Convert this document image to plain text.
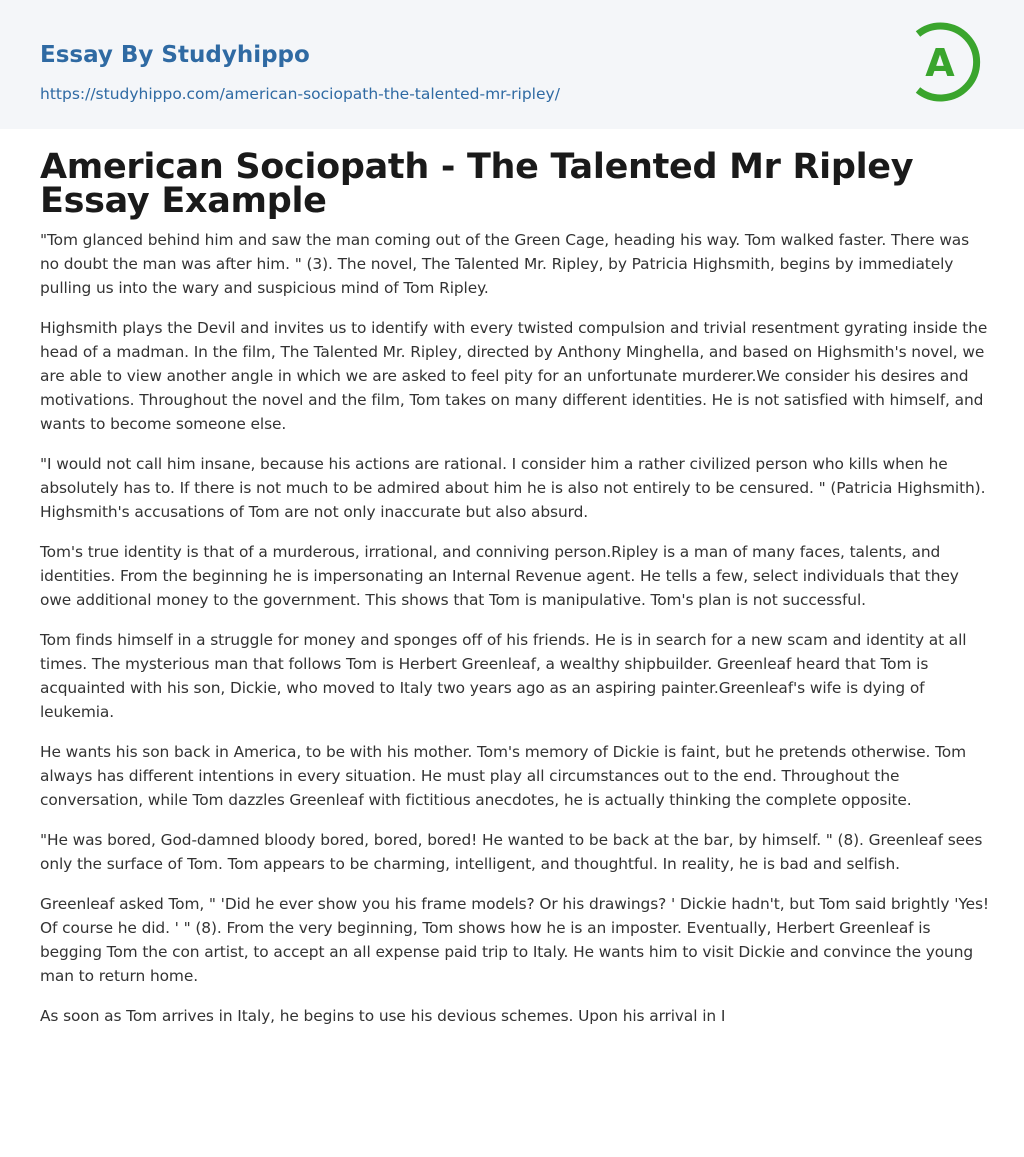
Essay By Studyhippo
https://studyhippo.com/american-sociopath-the-talented-mr-ripley/
A
American Sociopath - The Talented Mr Ripley Essay Example

"Tom glanced behind him and saw the man coming out of the Green Cage, heading his way. Tom walked faster. There was no doubt the man was after him. " (3). The novel, The Talented Mr. Ripley, by Patricia Highsmith, begins by immediately pulling us into the wary and suspicious mind of Tom Ripley.

Highsmith plays the Devil and invites us to identify with every twisted compulsion and trivial resentment gyrating inside the head of a madman. In the film, The Talented Mr. Ripley, directed by Anthony Minghella, and based on Highsmith's novel, we are able to view another angle in which we are asked to feel pity for an unfortunate murderer.We consider his desires and motivations. Throughout the novel and the film, Tom takes on many different identities. He is not satisfied with himself, and wants to become someone else.

"I would not call him insane, because his actions are rational. I consider him a rather civilized person who kills when he absolutely has to. If there is not much to be admired about him he is also not entirely to be censured. " (Patricia Highsmith). Highsmith's accusations of Tom are not only inaccurate but also absurd.

Tom's true identity is that of a murderous, irrational, and conniving person.Ripley is a man of many faces, talents, and identities. From the beginning he is impersonating an Internal Revenue agent. He tells a few, select individuals that they owe additional money to the government. This shows that Tom is manipulative. Tom's plan is not successful.

Tom finds himself in a struggle for money and sponges off of his friends. He is in search for a new scam and identity at all times. The mysterious man that follows Tom is Herbert Greenleaf, a wealthy shipbuilder. Greenleaf heard that Tom is acquainted with his son, Dickie, who moved to Italy two years ago as an aspiring painter.Greenleaf's wife is dying of leukemia.

He wants his son back in America, to be with his mother. Tom's memory of Dickie is faint, but he pretends otherwise. Tom always has different intentions in every situation. He must play all circumstances out to the end. Throughout the conversation, while Tom dazzles Greenleaf with fictitious anecdotes, he is actually thinking the complete opposite.

"He was bored, God-damned bloody bored, bored, bored! He wanted to be back at the bar, by himself. " (8). Greenleaf sees only the surface of Tom. Tom appears to be charming, intelligent, and thoughtful. In reality, he is bad and selfish.

Greenleaf asked Tom, " 'Did he ever show you his frame models? Or his drawings? ' Dickie hadn't, but Tom said brightly 'Yes! Of course he did. ' " (8). From the very beginning, Tom shows how he is an imposter. Eventually, Herbert Greenleaf is begging Tom the con artist, to accept an all expense paid trip to Italy. He wants him to visit Dickie and convince the young man to return home.

As soon as Tom arrives in Italy, he begins to use his devious schemes. Upon his arrival in I
